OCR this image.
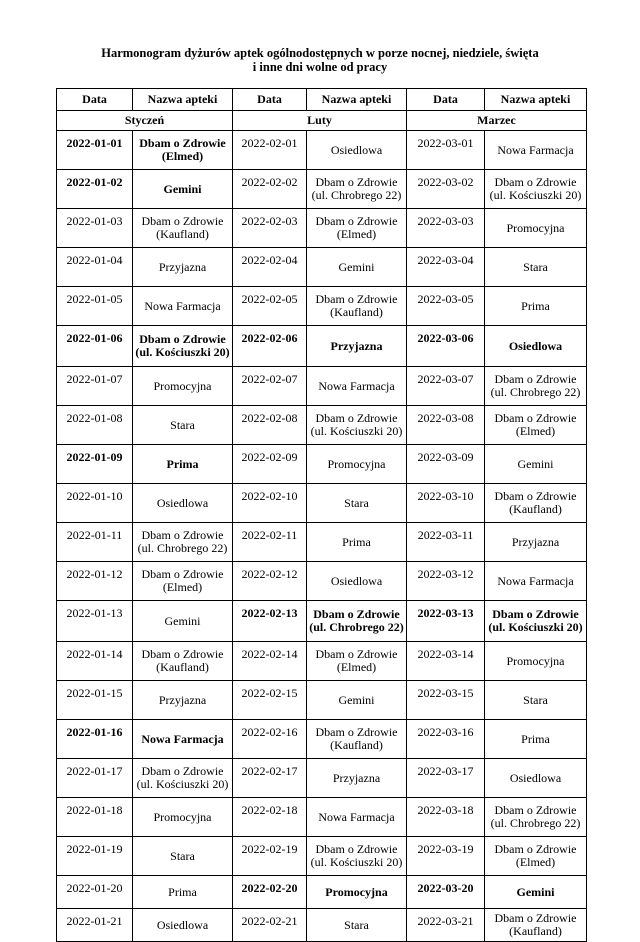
Harmonogram dyżurów aptek ogólnodostępnych w porze nocnej, niedziele, święta
i inne dni wolne od pracy
Data	Nazwa apteki	Data	Nazwa apteki	Data	Nazwa apteki
Styczeń		Luty		Marzec	
2022-01-01	Dbam o Zdrowie (Elmed)	2022-02-01	Osiedlowa	2022-03-01	Nowa Farmacja
2022-01-02	Gemini	2022-02-02	Dbam o Zdrowie (ul. Chrobrego 22)	2022-03-02	Dbam o Zdrowie (ul. Kościuszki 20)
2022-01-03	Dbam o Zdrowie (Kaufland)	2022-02-03	Dbam o Zdrowie (Elmed)	2022-03-03	Promocyjna
2022-01-04	Przyjazna	2022-02-04	Gemini	2022-03-04	Stara
2022-01-05	Nowa Farmacja	2022-02-05	Dbam o Zdrowie (Kaufland)	2022-03-05	Prima
2022-01-06	Dbam o Zdrowie (ul. Kościuszki 20)	2022-02-06	Przyjazna	2022-03-06	Osiedlowa
2022-01-07	Promocyjna	2022-02-07	Nowa Farmacja	2022-03-07	Dbam o Zdrowie (ul. Chrobrego 22)
2022-01-08	Stara	2022-02-08	Dbam o Zdrowie (ul. Kościuszki 20)	2022-03-08	Dbam o Zdrowie (Elmed)
2022-01-09	Prima	2022-02-09	Promocyjna	2022-03-09	Gemini
2022-01-10	Osiedlowa	2022-02-10	Stara	2022-03-10	Dbam o Zdrowie (Kaufland)
2022-01-11	Dbam o Zdrowie (ul. Chrobrego 22)	2022-02-11	Prima	2022-03-11	Przyjazna
2022-01-12	Dbam o Zdrowie (Elmed)	2022-02-12	Osiedlowa	2022-03-12	Nowa Farmacja
2022-01-13	Gemini	2022-02-13	Dbam o Zdrowie (ul. Chrobrego 22)	2022-03-13	Dbam o Zdrowie (ul. Kościuszki 20)
2022-01-14	Dbam o Zdrowie (Kaufland)	2022-02-14	Dbam o Zdrowie (Elmed)	2022-03-14	Promocyjna
2022-01-15	Przyjazna	2022-02-15	Gemini	2022-03-15	Stara
2022-01-16	Nowa Farmacja	2022-02-16	Dbam o Zdrowie (Kaufland)	2022-03-16	Prima
2022-01-17	Dbam o Zdrowie (ul. Kościuszki 20)	2022-02-17	Przyjazna	2022-03-17	Osiedlowa
2022-01-18	Promocyjna	2022-02-18	Nowa Farmacja	2022-03-18	Dbam o Zdrowie (ul. Chrobrego 22)
2022-01-19	Stara	2022-02-19	Dbam o Zdrowie (ul. Kościuszki 20)	2022-03-19	Dbam o Zdrowie (Elmed)
2022-01-20	Prima	2022-02-20	Promocyjna	2022-03-20	Gemini
2022-01-21	Osiedlowa	2022-02-21	Stara	2022-03-21	Dbam o Zdrowie (Kaufland)
